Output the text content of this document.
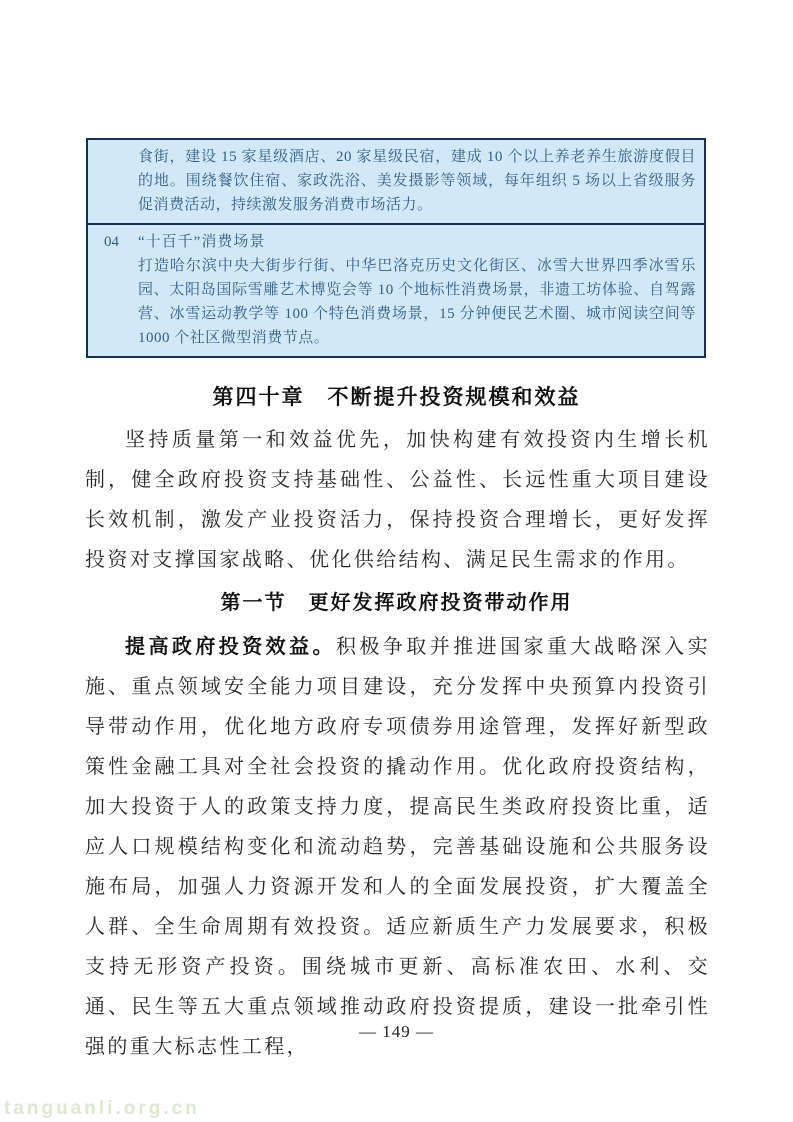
食街，建设 15 家星级酒店、20 家星级民宿，建成 10 个以上养老养生旅游度假目的地。围绕餐饮住宿、家政洗浴、美发摄影等领域，每年组织 5 场以上省级服务促消费活动，持续激发服务消费市场活力。
04	“十百千”消费场景
打造哈尔滨中央大街步行街、中华巴洛克历史文化街区、冰雪大世界四季冰雪乐园、太阳岛国际雪雕艺术博览会等 10 个地标性消费场景，非遗工坊体验、自驾露营、冰雪运动教学等 100 个特色消费场景，15 分钟便民艺术圈、城市阅读空间等 1000 个社区微型消费节点。
第四十章　不断提升投资规模和效益

坚持质量第一和效益优先，加快构建有效投资内生增长机制，健全政府投资支持基础性、公益性、长远性重大项目建设长效机制，激发产业投资活力，保持投资合理增长，更好发挥投资对支撑国家战略、优化供给结构、满足民生需求的作用。

第一节　更好发挥政府投资带动作用

提高政府投资效益。积极争取并推进国家重大战略深入实施、重点领域安全能力项目建设，充分发挥中央预算内投资引导带动作用，优化地方政府专项债券用途管理，发挥好新型政策性金融工具对全社会投资的撬动作用。优化政府投资结构，加大投资于人的政策支持力度，提高民生类政府投资比重，适应人口规模结构变化和流动趋势，完善基础设施和公共服务设施布局，加强人力资源开发和人的全面发展投资，扩大覆盖全人群、全生命周期有效投资。适应新质生产力发展要求，积极支持无形资产投资。围绕城市更新、高标准农田、水利、交通、民生等五大重点领域推动政府投资提质，建设一批牵引性强的重大标志性工程，

— 149 —
tanguanli.org.cn
